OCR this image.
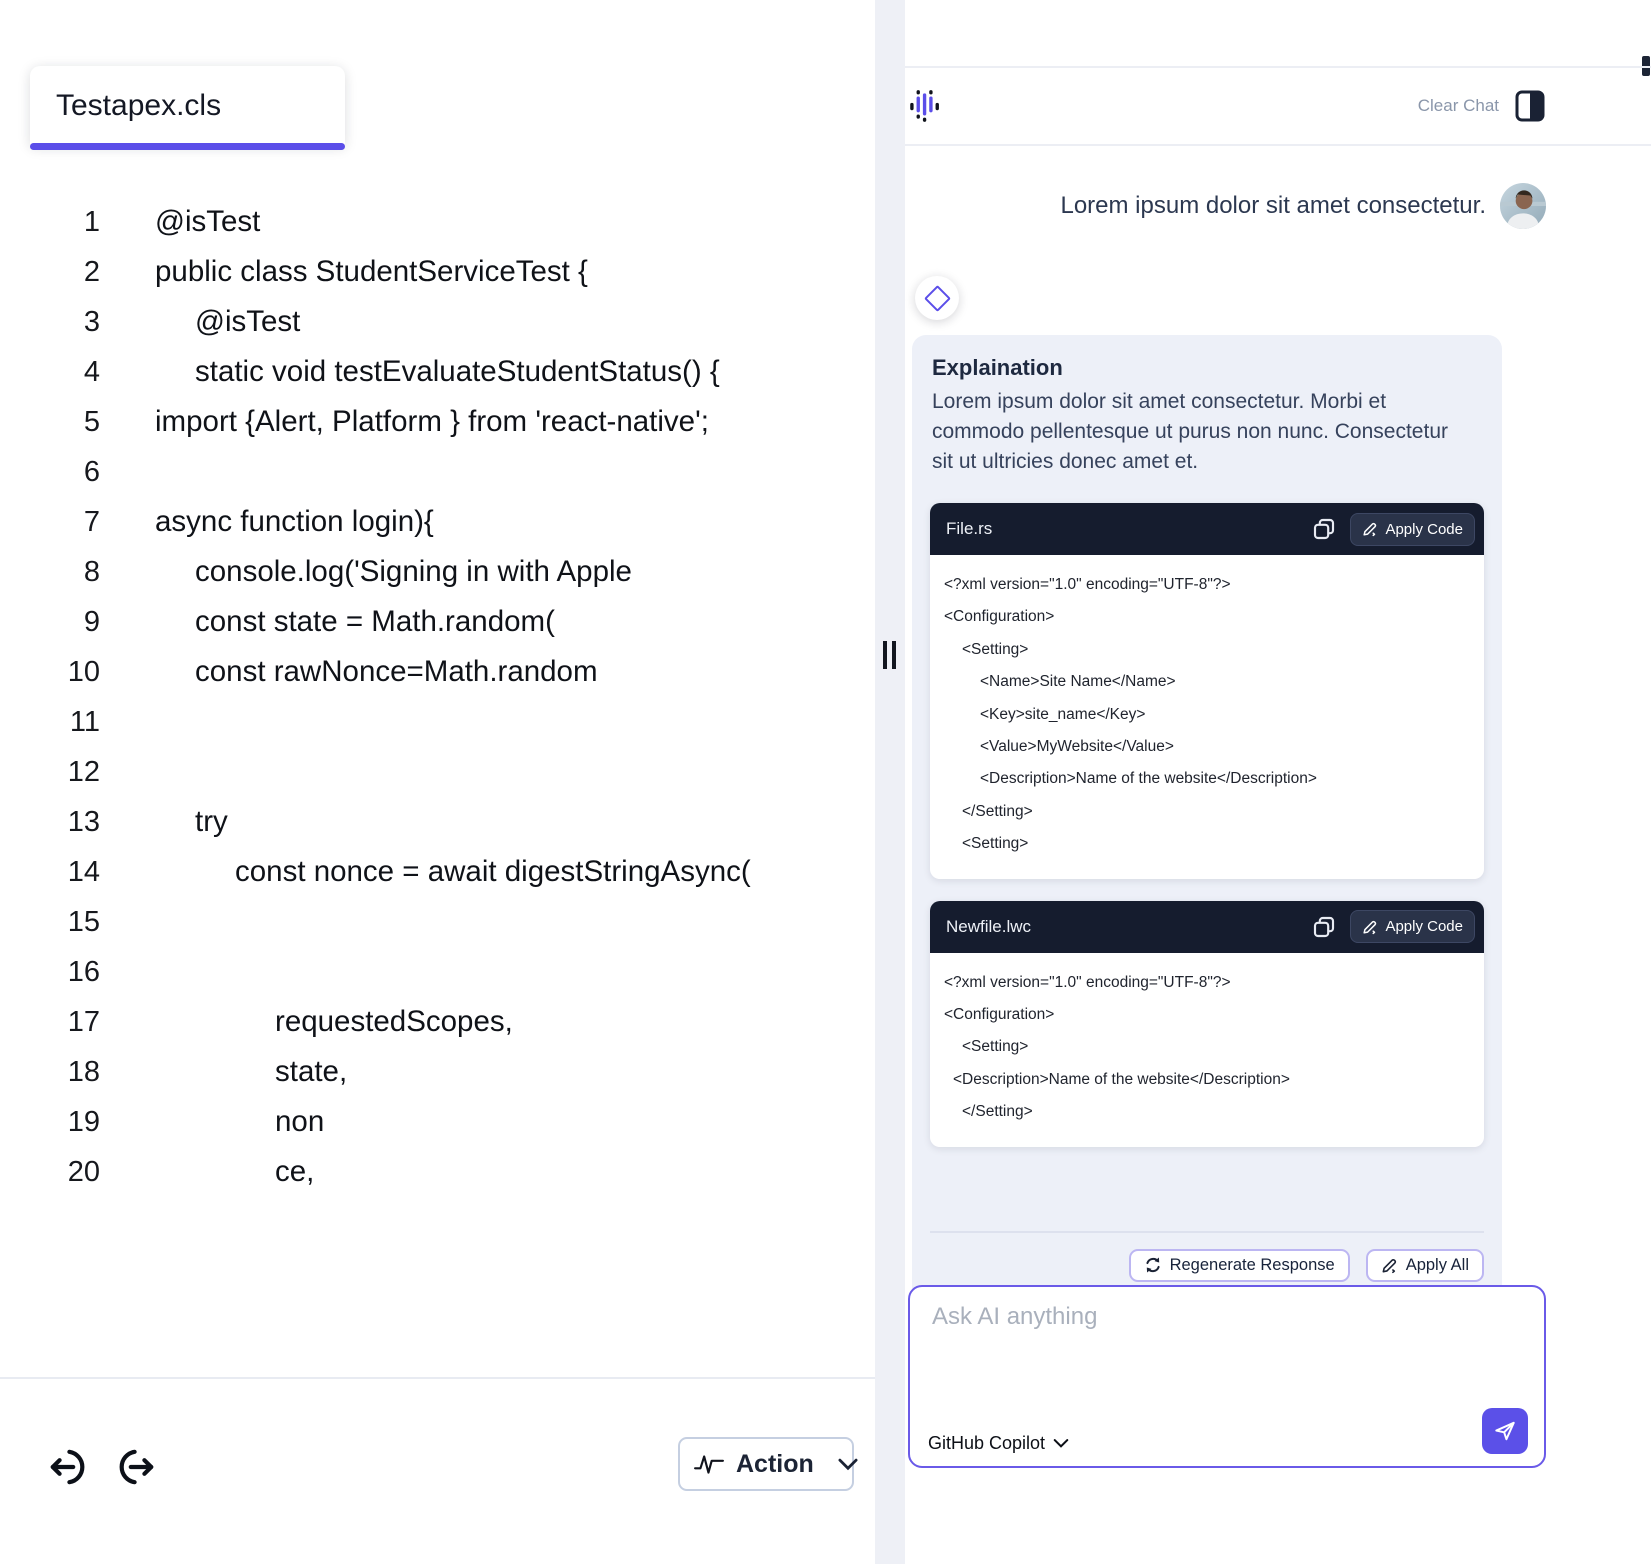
Testapex.cls
1	@isTest
2	public class StudentServiceTest {
3	@isTest
4	static void testEvaluateStudentStatus() {
5	import {Alert, Platform } from 'react-native';
6
7	async function login){
8	console.log('Signing in with Apple
9	const state = Math.random(
10	const rawNonce=Math.random
11
12
13	try
14	const nonce = await digestStringAsync(
15
16
17	requestedScopes,
18	state,
19	non
20	ce,
Action
Clear Chat
Lorem ipsum dolor sit amet consectetur.

Explaination

Lorem ipsum dolor sit amet consectetur. Morbi et commodo pellentesque ut purus non nunc. Consectetur sit ut ultricies donec amet et.

File.rs	Apply Code
<?xml version="1.0" encoding="UTF-8"?>
<Configuration>
<Setting>
<Name>Site Name</Name>
<Key>site_name</Key>
<Value>MyWebsite</Value>
<Description>Name of the website</Description>
</Setting>
<Setting>
Newfile.lwc	Apply Code
<?xml version="1.0" encoding="UTF-8"?>
<Configuration>
<Setting>
<Description>Name of the website</Description>
</Setting>
Regenerate Response	Apply All
Ask AI anything
GitHub Copilot
